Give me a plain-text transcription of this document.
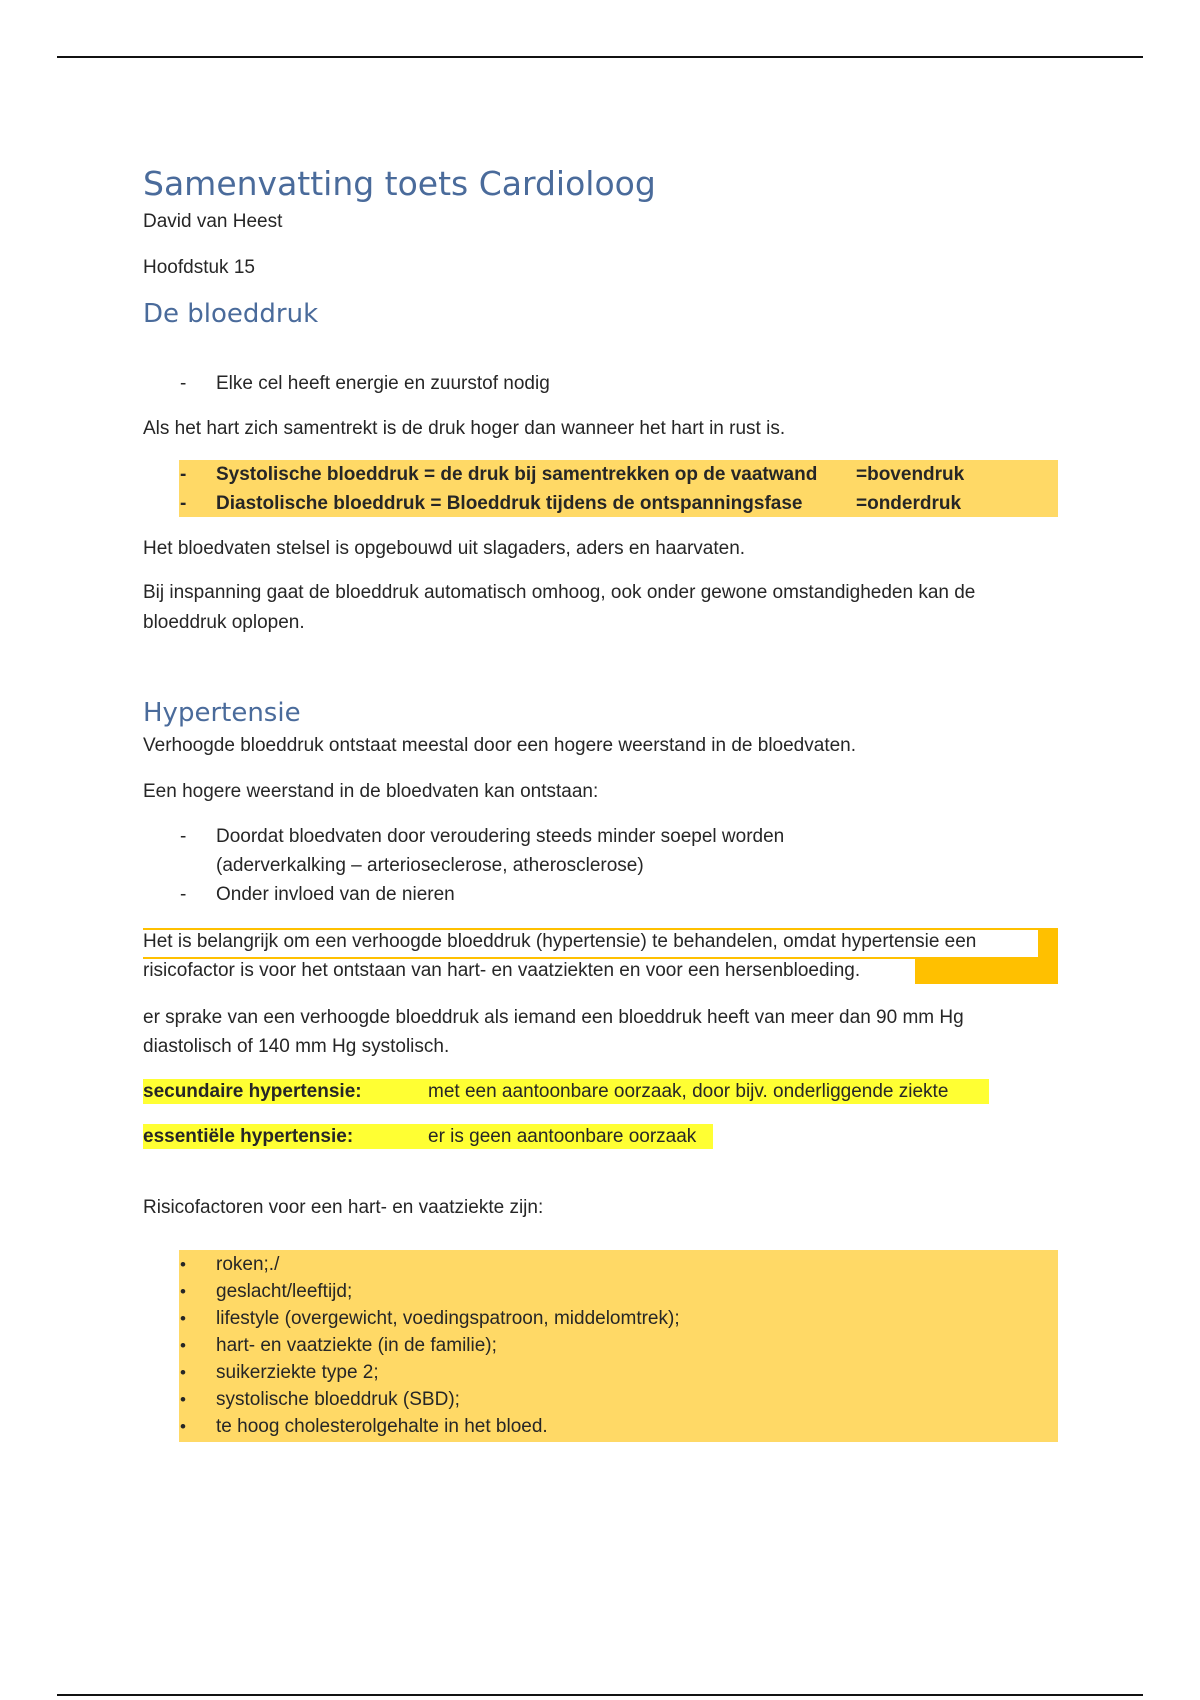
Samenvatting toets Cardioloog
David van Heest
Hoofdstuk 15
De bloeddruk
- Elke cel heeft energie en zuurstof nodig
Als het hart zich samentrekt is de druk hoger dan wanneer het hart in rust is.
- Systolische bloeddruk = de druk bij samentrekken op de vaatwand =bovendruk
- Diastolische bloeddruk = Bloeddruk tijdens de ontspanningsfase	=onderdruk
Het bloedvaten stelsel is opgebouwd uit slagaders, aders en haarvaten.
Bij inspanning gaat de bloeddruk automatisch omhoog, ook onder gewone omstandigheden kan de
bloeddruk oplopen.
Hypertensie
Verhoogde bloeddruk ontstaat meestal door een hogere weerstand in de bloedvaten.
Een hogere weerstand in de bloedvaten kan ontstaan:
- Doordat bloedvaten door veroudering steeds minder soepel worden
(aderverkalking – arterioseclerose, atherosclerose)
- Onder invloed van de nieren
Het is belangrijk om een verhoogde bloeddruk (hypertensie) te behandelen, omdat hypertensie een
risicofactor is voor het ontstaan van hart- en vaatziekten en voor een hersenbloeding.
er sprake van een verhoogde bloeddruk als iemand een bloeddruk heeft van meer dan 90 mm Hg
diastolisch of 140 mm Hg systolisch.
secundaire hypertensie:	met een aantoonbare oorzaak, door bijv. onderliggende ziekte
essentiële hypertensie:	er is geen aantoonbare oorzaak
Risicofactoren voor een hart- en vaatziekte zijn:
• roken;./
• geslacht/leeftijd;
• lifestyle (overgewicht, voedingspatroon, middelomtrek);
• hart- en vaatziekte (in de familie);
• suikerziekte type 2;
• systolische bloeddruk (SBD);
• te hoog cholesterolgehalte in het bloed.
